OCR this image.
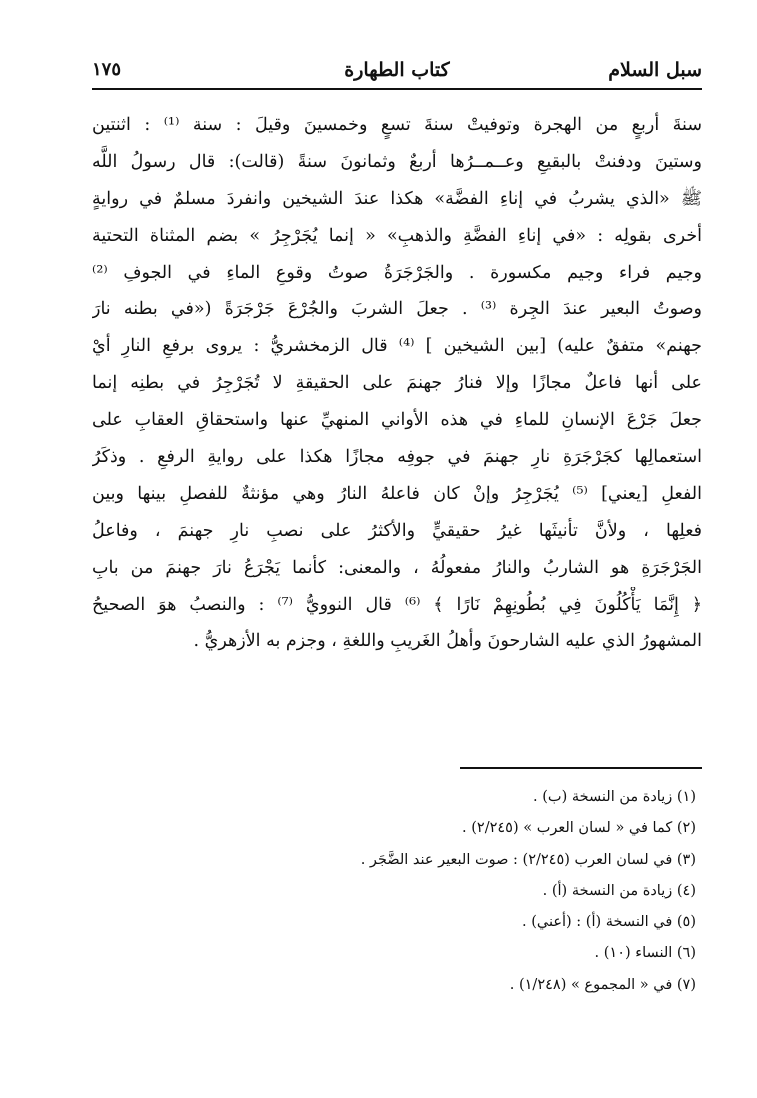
سبل السلام
كتاب الطهارة
١٧٥
سنةَ أربعٍ من الهجرة وتوفيتْ سنةَ تسعٍ وخمسينَ وقيلَ : سنة ⁽¹⁾ : اثنتين
وستينَ ودفنتْ بالبقيعِ وعــمــرُها أربعٌ وثمانونَ سنةً (قالت): قال رسولُ اللَّه
ﷺ «الذي يشربُ في إناءِ الفضَّة» هكذا عندَ الشيخين وانفردَ مسلمٌ في روايةٍ
أخرى بقولِه : «في إناءِ الفضَّةِ والذهبِ» « إنما يُجَرْجِرُ » بضم المثناة التحتية
وجيم فراء وجيم مكسورة . والجَرْجَرَةُ صوتُ وقوعِ الماءِ في الجوفِ ⁽²⁾
وصوتُ البعير عندَ الجِرة ⁽³⁾ . جعلَ الشربَ والجُرْعَ جَرْجَرَةً («في بطنه نارَ
جهنم» متفقٌ عليه) [بين الشيخين ] ⁽⁴⁾ قال الزمخشريُّ : يروى برفعِ النارِ أيْ
على أنها فاعلٌ مجازًا وإلا فنارُ جهنمَ على الحقيقةِ لا تُجَرْجِرُ في بطنِه إنما
جعلَ جَرْعَ الإنسانِ للماءِ في هذه الأواني المنهيِّ عنها واستحقاقِ العقابِ على
استعمالِها كجَرْجَرَةِ نارِ جهنمَ في جوفِه مجازًا هكذا على روايةِ الرفعِ . وذكَرُ
الفعلِ [يعني] ⁽⁵⁾ يُجَرْجِرُ وإنْ كان فاعلهُ النارُ وهي مؤنثةٌ للفصلِ بينها وبين
فعلِها ، ولأنَّ تأنيثَها غيرُ حقيقيٍّ والأكثرُ على نصبِ نارِ جهنمَ ، وفاعلُ
الجَرْجَرَةِ هو الشاربُ والنارُ مفعولُهُ ، والمعنى: كأنما يَجْرَعُ نارَ جهنمَ من بابِ
﴿ إِنَّمَا يَأْكُلُونَ فِي بُطُونِهِمْ نَارًا ﴾ ⁽⁶⁾ قال النوويُّ ⁽⁷⁾ : والنصبُ هوَ الصحيحُ
المشهورُ الذي عليه الشارحونَ وأهلُ الغَريبِ واللغةِ ، وجزم به الأزهريُّ .
(١) زيادة من النسخة (ب) .
(٢) كما في « لسان العرب » (٢/٢٤٥) .
(٣) في لسان العرب (٢/٢٤٥) : صوت البعير عند الضَّجَر .
(٤) زيادة من النسخة (أ) .
(٥) في النسخة (أ) : (أعني) .
(٦) النساء (١٠) .
(٧) في « المجموع » (١/٢٤٨) .
